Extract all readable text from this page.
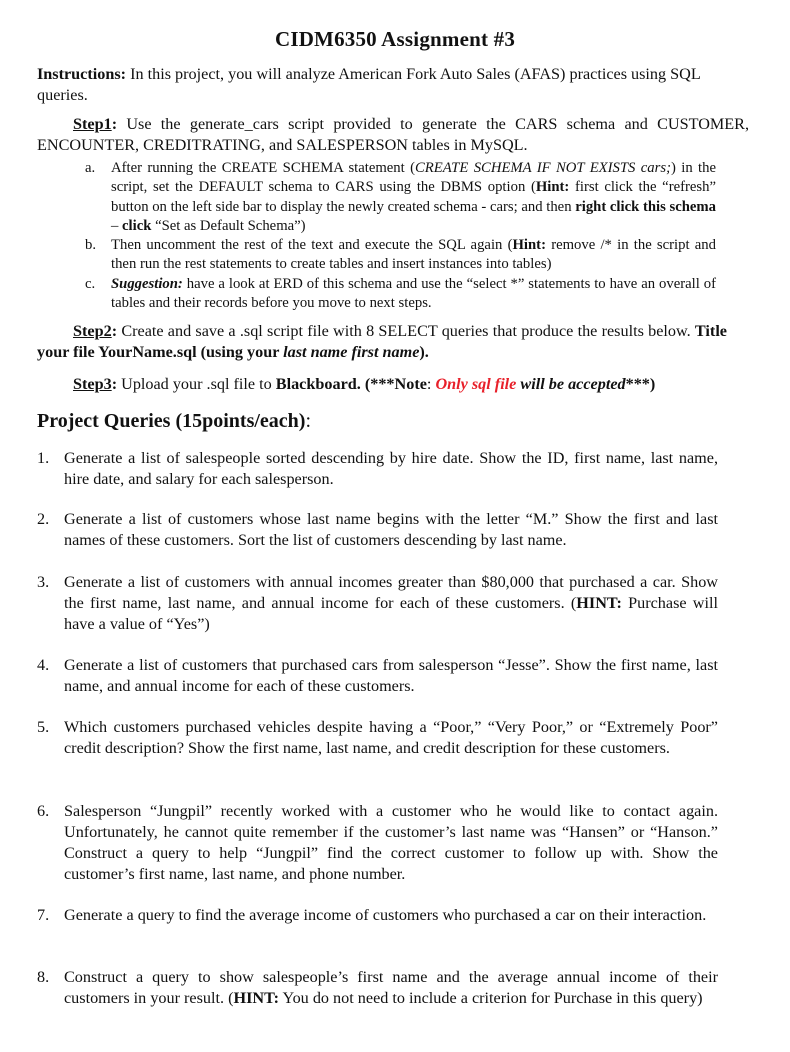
CIDM6350 Assignment #3
Instructions: In this project, you will analyze American Fork Auto Sales (AFAS) practices using SQL queries.
Step1: Use the generate_cars script provided to generate the CARS schema and CUSTOMER, ENCOUNTER, CREDITRATING, and SALESPERSON tables in MySQL.
a. After running the CREATE SCHEMA statement (CREATE SCHEMA IF NOT EXISTS cars;) in the script, set the DEFAULT schema to CARS using the DBMS option (Hint: first click the “refresh” button on the left side bar to display the newly created schema - cars; and then right click this schema – click “Set as Default Schema”)
b. Then uncomment the rest of the text and execute the SQL again (Hint: remove /* in the script and then run the rest statements to create tables and insert instances into tables)
c. Suggestion: have a look at ERD of this schema and use the “select *” statements to have an overall of tables and their records before you move to next steps.
Step2: Create and save a .sql script file with 8 SELECT queries that produce the results below. Title your file YourName.sql (using your last name first name).
Step3: Upload your .sql file to Blackboard. (***Note: Only sql file will be accepted***)
Project Queries (15points/each):
1. Generate a list of salespeople sorted descending by hire date. Show the ID, first name, last name, hire date, and salary for each salesperson.
2. Generate a list of customers whose last name begins with the letter “M.” Show the first and last names of these customers. Sort the list of customers descending by last name.
3. Generate a list of customers with annual incomes greater than $80,000 that purchased a car. Show the first name, last name, and annual income for each of these customers. (HINT: Purchase will have a value of “Yes”)
4. Generate a list of customers that purchased cars from salesperson “Jesse”. Show the first name, last name, and annual income for each of these customers.
5. Which customers purchased vehicles despite having a “Poor,” “Very Poor,” or “Extremely Poor” credit description? Show the first name, last name, and credit description for these customers.
6. Salesperson “Jungpil” recently worked with a customer who he would like to contact again. Unfortunately, he cannot quite remember if the customer’s last name was “Hansen” or “Hanson.” Construct a query to help “Jungpil” find the correct customer to follow up with. Show the customer’s first name, last name, and phone number.
7. Generate a query to find the average income of customers who purchased a car on their interaction.
8. Construct a query to show salespeople’s first name and the average annual income of their customers in your result. (HINT: You do not need to include a criterion for Purchase in this query)
